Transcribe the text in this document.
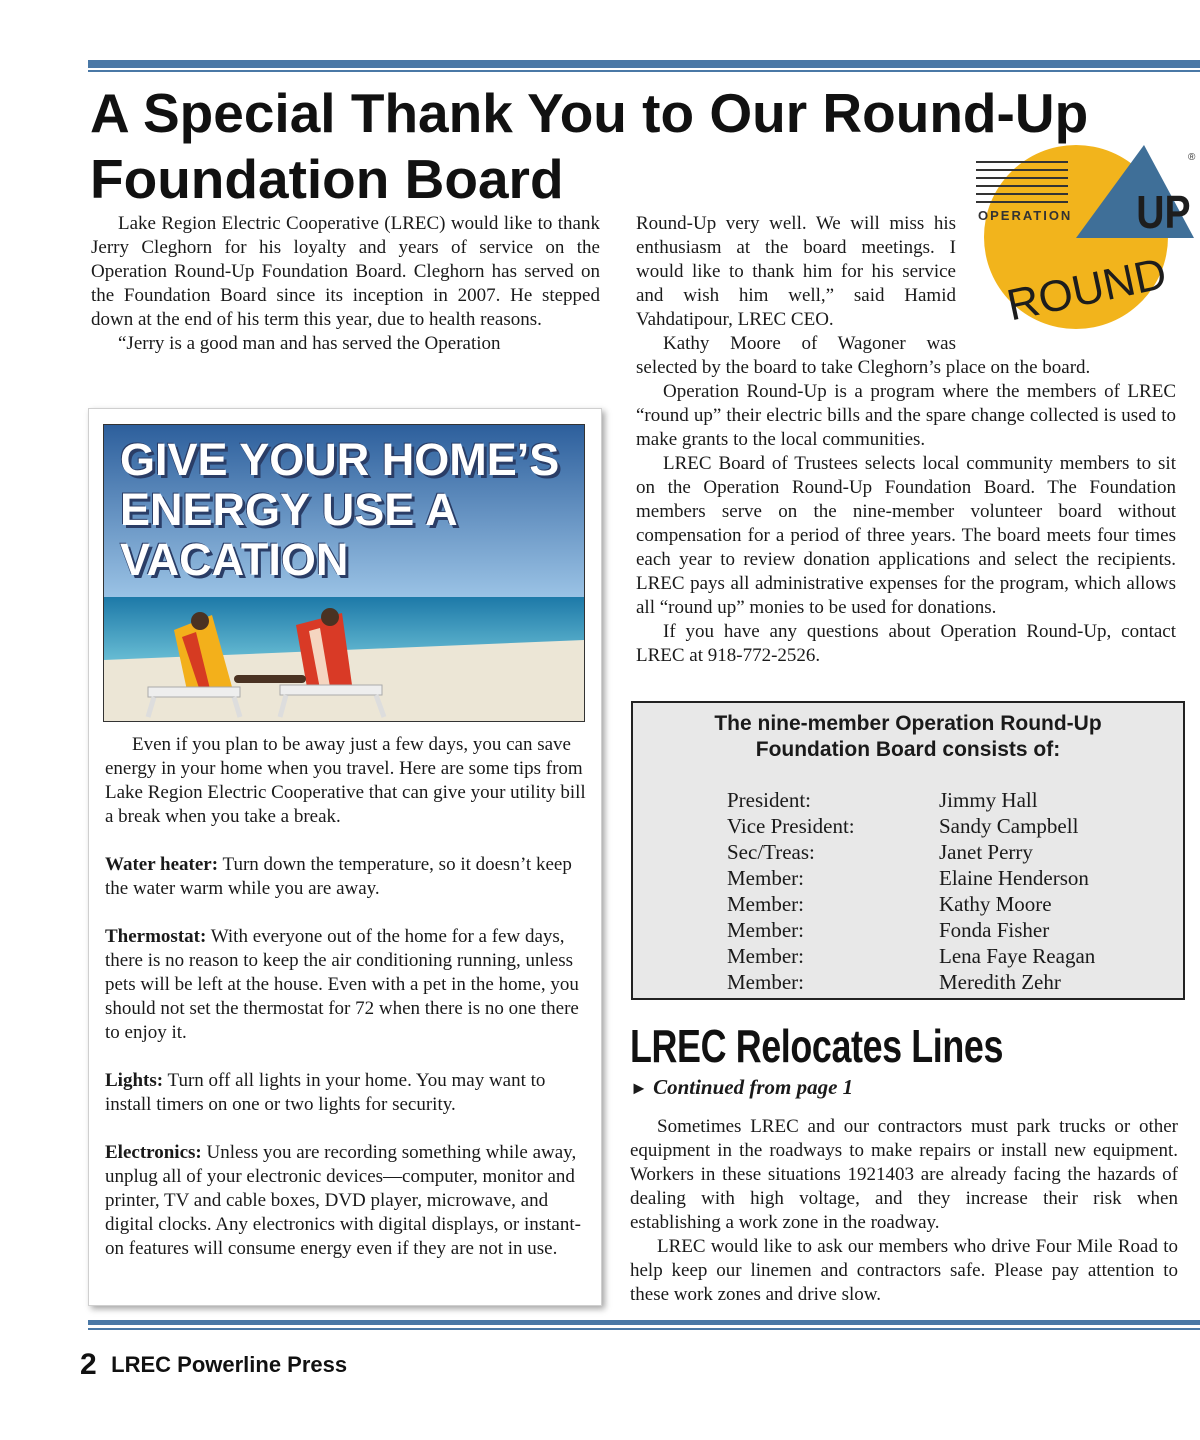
A Special Thank You to Our Round-Up Foundation Board
UP
OPERATION
®
ROUND

Lake Region Electric Cooperative (LREC) would like to thank Jerry Cleghorn for his loyalty and years of service on the Operation Round-Up Foundation Board. Cleghorn has served on the Foundation Board since its inception in 2007. He stepped down at the end of his term this year, due to health reasons.

“Jerry is a good man and has served the Operation

Round-Up very well. We will miss his enthusiasm at the board meetings. I would like to thank him for his service and wish him well,” said Hamid Vahdatipour, LREC CEO.

Kathy Moore of Wagoner was selected by the board to take Cleghorn’s place on the board.

Operation Round-Up is a program where the members of LREC “round up” their electric bills and the spare change collected is used to make grants to the local communities.

LREC Board of Trustees selects local community members to sit on the Operation Round-Up Foundation Board. The Foundation members serve on the nine-member volunteer board without compensation for a period of three years. The board meets four times each year to review donation applications and select the recipients. LREC pays all administrative expenses for the program, which allows all “round up” monies to be used for donations.

If you have any questions about Operation Round-Up, contact LREC at 918-772-2526.

GIVE YOUR HOME’S ENERGY USE A VACATION

Even if you plan to be away just a few days, you can save energy in your home when you travel. Here are some tips from Lake Region Electric Cooperative that can give your utility bill a break when you take a break.

Water heater: Turn down the temperature, so it doesn’t keep the water warm while you are away.

Thermostat: With everyone out of the home for a few days, there is no reason to keep the air conditioning running, unless pets will be left at the house. Even with a pet in the home, you should not set the thermostat for 72 when there is no one there to enjoy it.

Lights: Turn off all lights in your home. You may want to install timers on one or two lights for security.

Electronics: Unless you are recording something while away, unplug all of your electronic devices—computer, monitor and printer, TV and cable boxes, DVD player, microwave, and digital clocks. Any electronics with digital displays, or instant-on features will consume energy even if they are not in use.

The nine-member Operation Round-Up
Foundation Board consists of:
President:	Jimmy Hall
Vice President:	Sandy Campbell
Sec/Treas:	Janet Perry
Member:	Elaine Henderson
Member:	Kathy Moore
Member:	Fonda Fisher
Member:	Lena Faye Reagan
Member:	Meredith Zehr
LREC Relocates Lines

► Continued from page 1

Sometimes LREC and our contractors must park trucks or other equipment in the roadways to make repairs or install new equipment. Workers in these situations 1921403 are already facing the hazards of dealing with high voltage, and they increase their risk when establishing a work zone in the roadway.

LREC would like to ask our members who drive Four Mile Road to help keep our linemen and contractors safe. Please pay attention to these work zones and drive slow.

2 LREC Powerline Press
